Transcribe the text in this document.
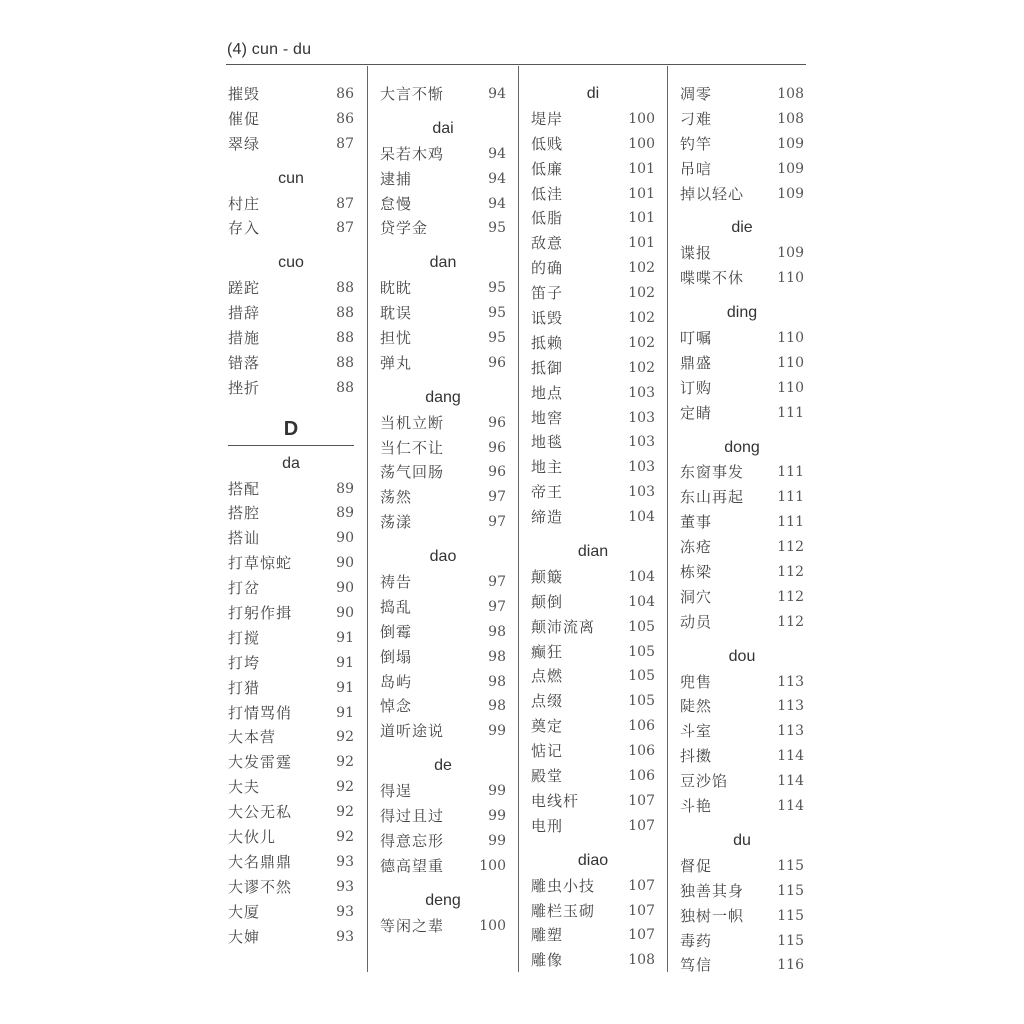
(4) cun - du
摧毁	86
催促	86
翠绿	87
cun
村庄	87
存入	87
cuo
蹉跎	88
措辞	88
措施	88
错落	88
挫折	88
D
da
搭配	89
搭腔	89
搭讪	90
打草惊蛇	90
打岔	90
打躬作揖	90
打搅	91
打垮	91
打猎	91
打情骂俏	91
大本营	92
大发雷霆	92
大夫	92
大公无私	92
大伙儿	92
大名鼎鼎	93
大谬不然	93
大厦	93
大婶	93
大言不惭	94
dai
呆若木鸡	94
逮捕	94
怠慢	94
贷学金	95
dan
眈眈	95
耽误	95
担忧	95
弹丸	96
dang
当机立断	96
当仁不让	96
荡气回肠	96
荡然	97
荡漾	97
dao
祷告	97
捣乱	97
倒霉	98
倒塌	98
岛屿	98
悼念	98
道听途说	99
de
得逞	99
得过且过	99
得意忘形	99
德高望重	100
deng
等闲之辈	100
di
堤岸	100
低贱	100
低廉	101
低洼	101
低脂	101
敌意	101
的确	102
笛子	102
诋毁	102
抵赖	102
抵御	102
地点	103
地窖	103
地毯	103
地主	103
帝王	103
缔造	104
dian
颠簸	104
颠倒	104
颠沛流离 105
癫狂	105
点燃	105
点缀	105
奠定	106
惦记	106
殿堂	106
电线杆	107
电刑	107
diao
雕虫小技 107
雕栏玉砌 107
雕塑	107
雕像	108
凋零	108
刁难	108
钓竿	109
吊唁	109
掉以轻心 109
die
谍报	109
喋喋不休 110
ding
叮嘱	110
鼎盛	110
订购	110
定睛	111
dong
东窗事发 111
东山再起 111
董事	111
冻疮	112
栋梁	112
洞穴	112
动员	112
dou
兜售	113
陡然	113
斗室	113
抖擞	114
豆沙馅	114
斗艳	114
du
督促	115
独善其身 115
独树一帜 115
毒药	115
笃信	116
